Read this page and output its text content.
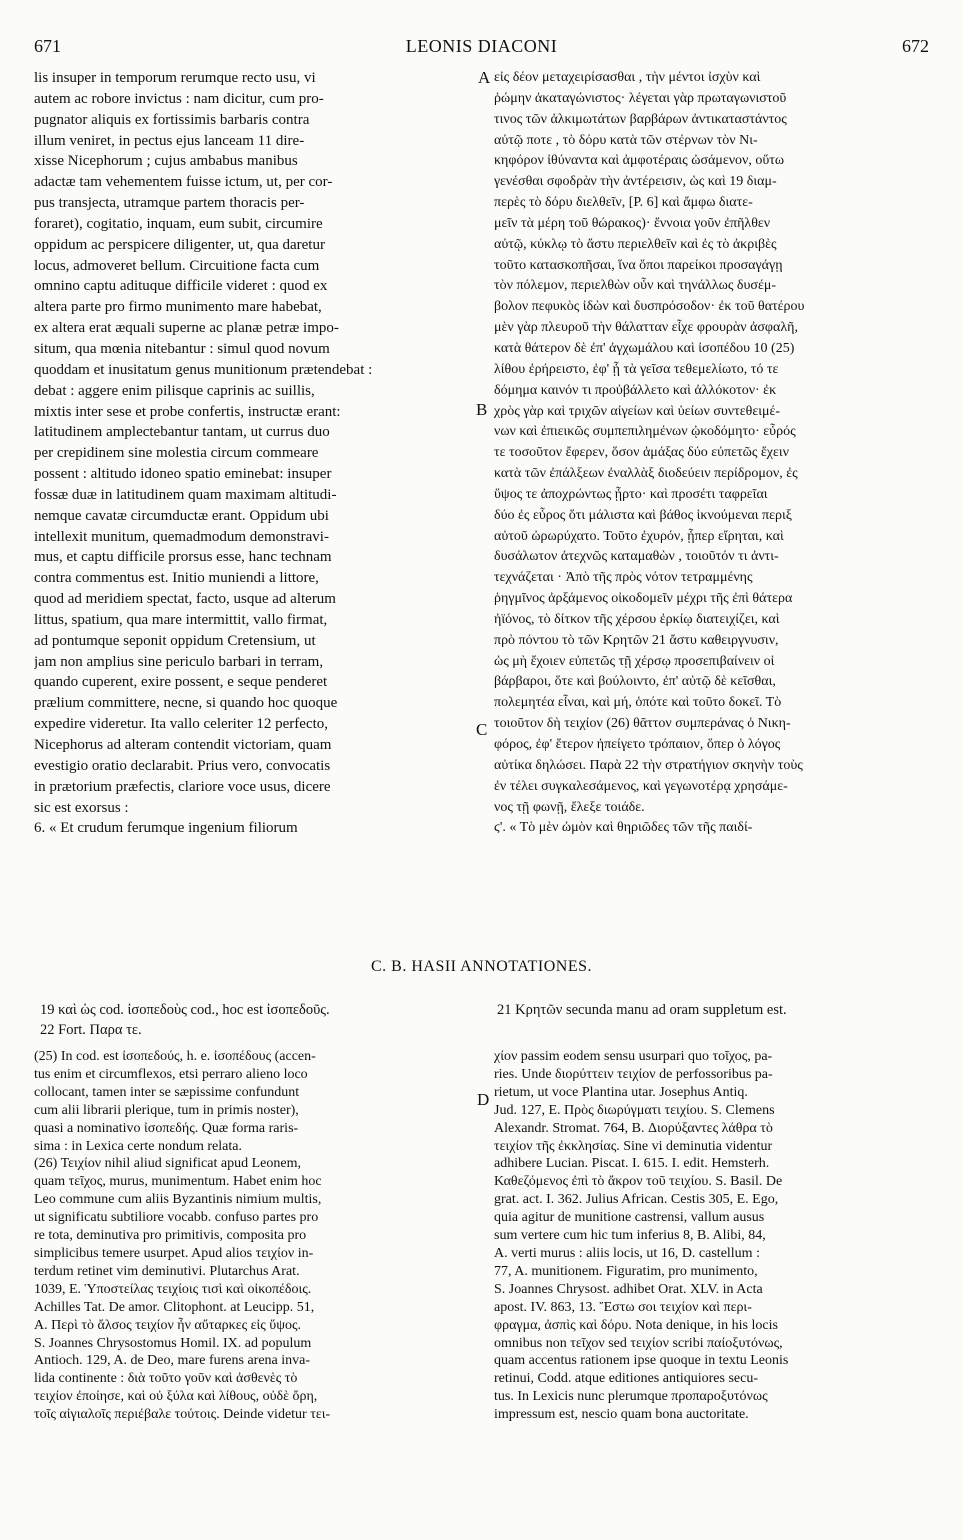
671	LEONIS DIACONI	672
lis insuper in temporum rerumque recto usu, vi
autem ac robore invictus : nam dicitur, cum pro-
pugnator aliquis ex fortissimis barbaris contra
illum veniret, in pectus ejus lanceam 11 dire-
xisse Nicephorum ; cujus ambabus manibus
adactæ tam vehementem fuisse ictum, ut, per cor-
pus transjecta, utramque partem thoracis per-
foraret), cogitatio, inquam, eum subit, circumire
oppidum ac perspicere diligenter, ut, qua daretur
locus, admoveret bellum. Circuitione facta cum
omnino captu adituque difficile videret : quod ex
altera parte pro firmo munimento mare habebat,
ex altera erat æquali superne ac planæ petræ impo-
situm, qua mœnia nitebantur : simul quod novum
quoddam et inusitatum genus munitionum prætendebat :
debat : aggere enim pilisque caprinis ac suillis,
mixtis inter sese et probe confertis, instructæ erant:
latitudinem amplectebantur tantam, ut currus duo
per crepidinem sine molestia circum commeare
possent : altitudo idoneo spatio eminebat: insuper
fossæ duæ in latitudinem quam maximam altitudi-
nemque cavatæ circumductæ erant. Oppidum ubi
intellexit munitum, quemadmodum demonstravi-
mus, et captu difficile prorsus esse, hanc technam
contra commentus est. Initio muniendi a littore,
quod ad meridiem spectat, facto, usque ad alterum
littus, spatium, qua mare intermittit, vallo firmat,
ad pontumque seponit oppidum Cretensium, ut
jam non amplius sine periculo barbari in terram,
quando cuperent, exire possent, e seque penderet
prælium committere, necne, si quando hoc quoque
expedire videretur. Ita vallo celeriter 12 perfecto,
Nicephorus ad alteram contendit victoriam, quam
evestigio oratio declarabit. Prius vero, convocatis
in prætorium præfectis, clariore voce usus, dicere
sic est exorsus :
6. « Et crudum ferumque ingenium filiorum
εἰς δέον μεταχειρίσασθαι , τὴν μέντοι ἰσχὺν καὶ
ῥώμην ἀκαταγώνιστος· λέγεται γὰρ πρωταγωνιστοῦ
τινος τῶν ἀλκιμωτάτων βαρβάρων ἀντικαταστάντος
αὐτῷ ποτε , τὸ δόρυ κατὰ τῶν στέρνων τὸν Νι-
κηφόρον ἰθύναντα καὶ ἀμφοτέραις ὠσάμενον, οὕτω
γενέσθαι σφοδρὰν τὴν ἀντέρεισιν, ὡς καὶ 19 διαμ-
περὲς τὸ δόρυ διελθεῖν, [P. 6] καὶ ἄμφω διατε-
μεῖν τὰ μέρη τοῦ θώρακος)· ἔννοια γοῦν ἐπῆλθεν
αὐτῷ, κύκλῳ τὸ ἄστυ περιελθεῖν καὶ ἐς τὸ ἀκριβὲς
τοῦτο κατασκοπῆσαι, ἵνα ὅποι παρείκοι προσαγάγῃ
τὸν πόλεμον, περιελθὼν οὖν καὶ τηνάλλως δυσέμ-
βολον πεφυκὸς ἰδὼν καὶ δυσπρόσοδον· ἐκ τοῦ θατέρου
μὲν γὰρ πλευροῦ τὴν θάλατταν εἶχε φρουρὰν ἀσφαλῆ,
κατὰ θάτερον δὲ ἐπ' ἀγχωμάλου καὶ ἰσοπέδου 10 (25)
λίθου ἐρήρειστο, ἐφ' ᾗ τὰ γεῖσα τεθεμελίωτο, τό τε
δόμημα καινόν τι προὐβάλλετο καὶ ἀλλόκοτον· ἐκ
χρὸς γὰρ καὶ τριχῶν αἰγείων καὶ ὑείων συντεθειμέ-
νων καὶ ἐπιεικῶς συμπεπιλημένων ᾠκοδόμητο· εὖρός
τε τοσοῦτον ἔφερεν, ὅσον ἁμάξας δύο εὐπετῶς ἔχειν
κατὰ τῶν ἐπάλξεων ἐναλλὰξ διοδεύειν περίδρομον, ἐς
ὕψος τε ἀποχρώντως ᾖρτο· καὶ προσέτι ταφρεῖαι
δύο ἐς εὖρος ὅτι μάλιστα καὶ βάθος ἱκνούμεναι περιξ
αὐτοῦ ὠρωρύχατο. Τοῦτο ἐχυρόν, ᾗπερ εἴρηται, καὶ
δυσάλωτον ἀτεχνῶς καταμαθὼν , τοιοῦτόν τι ἀντι-
τεχνάζεται · Ἀπὸ τῆς πρὸς νότον τετραμμένης
ῥηγμῖνος ἀρξάμενος οἰκοδομεῖν μέχρι τῆς ἐπὶ θάτερα
ἠϊόνος, τὸ δίτκον τῆς χέρσου ἐρκίῳ διατειχίζει, καὶ
πρὸ πόντου τὸ τῶν Κρητῶν 21 ἄστυ καθειργνυσιν,
ὡς μὴ ἔχοιεν εὐπετῶς τῇ χέρσῳ προσεπιβαίνειν οἱ
βάρβαροι, ὅτε καὶ βούλοιντο, ἐπ' αὐτῷ δὲ κεῖσθαι,
πολεμητέα εἶναι, καὶ μή, ὁπότε καὶ τοῦτο δοκεῖ. Τὸ
τοιοῦτον δὴ τειχίον (26) θᾶττον συμπεράνας ὁ Νικη-
φόρος, ἐφ' ἕτερον ἠπείγετο τρόπαιον, ὅπερ ὁ λόγος
αὐτίκα δηλώσει. Παρὰ 22 τὴν στρατήγιον σκηνὴν τοὺς
ἐν τέλει συγκαλεσάμενος, καὶ γεγωνοτέρᾳ χρησάμε-
νος τῇ φωνῇ, ἔλεξε τοιάδε.
ϛ'. « Τὸ μὲν ὠμὸν καὶ θηριῶδες τῶν τῆς παιδί-
A
B
C
D
C. B. HASII ANNOTATIONES.
19 καὶ ὡς cod. ἰσοπεδοὺς cod., hoc est ἰσοπεδοῦς.
22 Fort. Παρα τε.
21 Κρητῶν secunda manu ad oram suppletum est.
(25) In cod. est ἰσοπεδούς, h. e. ἰσοπέδους (accen-
tus enim et circumflexos, etsi perraro alieno loco
collocant, tamen inter se sæpissime confundunt
cum alii librarii plerique, tum in primis noster),
quasi a nominativo ἰσοπεδής. Quæ forma raris-
sima : in Lexica certe nondum relata.
(26) Τειχίον nihil aliud significat apud Leonem,
quam τεῖχος, murus, munimentum. Habet enim hoc
Leo commune cum aliis Byzantinis nimium multis,
ut significatu subtiliore vocabb. confuso partes pro
re tota, deminutiva pro primitivis, composita pro
simplicibus temere usurpet. Apud alios τειχίον in-
terdum retinet vim deminutivi. Plutarchus Arat.
1039, E. Ὑποστείλας τειχίοις τισὶ καὶ οἰκοπέδοις.
Achilles Tat. De amor. Clitophont. at Leucipp. 51,
A. Περὶ τὸ ἄλσος τειχίον ἦν αὔταρκες εἰς ὕψος.
S. Joannes Chrysostomus Homil. IX. ad populum
Antioch. 129, A. de Deo, mare furens arena inva-
lida continente : διὰ τοῦτο γοῦν καὶ ἀσθενὲς τὸ
τειχίον ἐποίησε, καὶ οὐ ξύλα καὶ λίθους, οὐδὲ ὄρη,
τοῖς αἰγιαλοῖς περιέβαλε τούτοις. Deinde videtur τει-
χίον passim eodem sensu usurpari quo τοῖχος, pa-
ries. Unde διορύττειν τειχίον de perfossoribus pa-
rietum, ut voce Plantina utar. Josephus Antiq.
Jud. 127, E. Πρὸς διωρύγματι τειχίου. S. Clemens
Alexandr. Stromat. 764, B. Διορύξαντες λάθρα τὸ
τειχίον τῆς ἐκκλησίας. Sine vi deminutia videntur
adhibere Lucian. Piscat. I. 615. I. edit. Hemsterh.
Καθεζόμενος ἐπὶ τὸ ἄκρον τοῦ τειχίου. S. Basil. De
grat. act. I. 362. Julius African. Cestis 305, E. Ego,
quia agitur de munitione castrensi, vallum ausus
sum vertere cum hic tum inferius 8, B. Alibi, 84,
A. verti murus : aliis locis, ut 16, D. castellum :
77, A. munitionem. Figuratim, pro munimento,
S. Joannes Chrysost. adhibet Orat. XLV. in Acta
apost. IV. 863, 13. Ἔστω σοι τειχίον καὶ περι-
φραγμα, ἀσπὶς καὶ δόρυ. Nota denique, in his locis
omnibus non τεῖχον sed τειχίον scribi παίοξυτόνως,
quam accentus rationem ipse quoque in textu Leonis
retinui, Codd. atque editiones antiquiores secu-
tus. In Lexicis nunc plerumque προπαροξυτόνως
impressum est, nescio quam bona auctoritate.
